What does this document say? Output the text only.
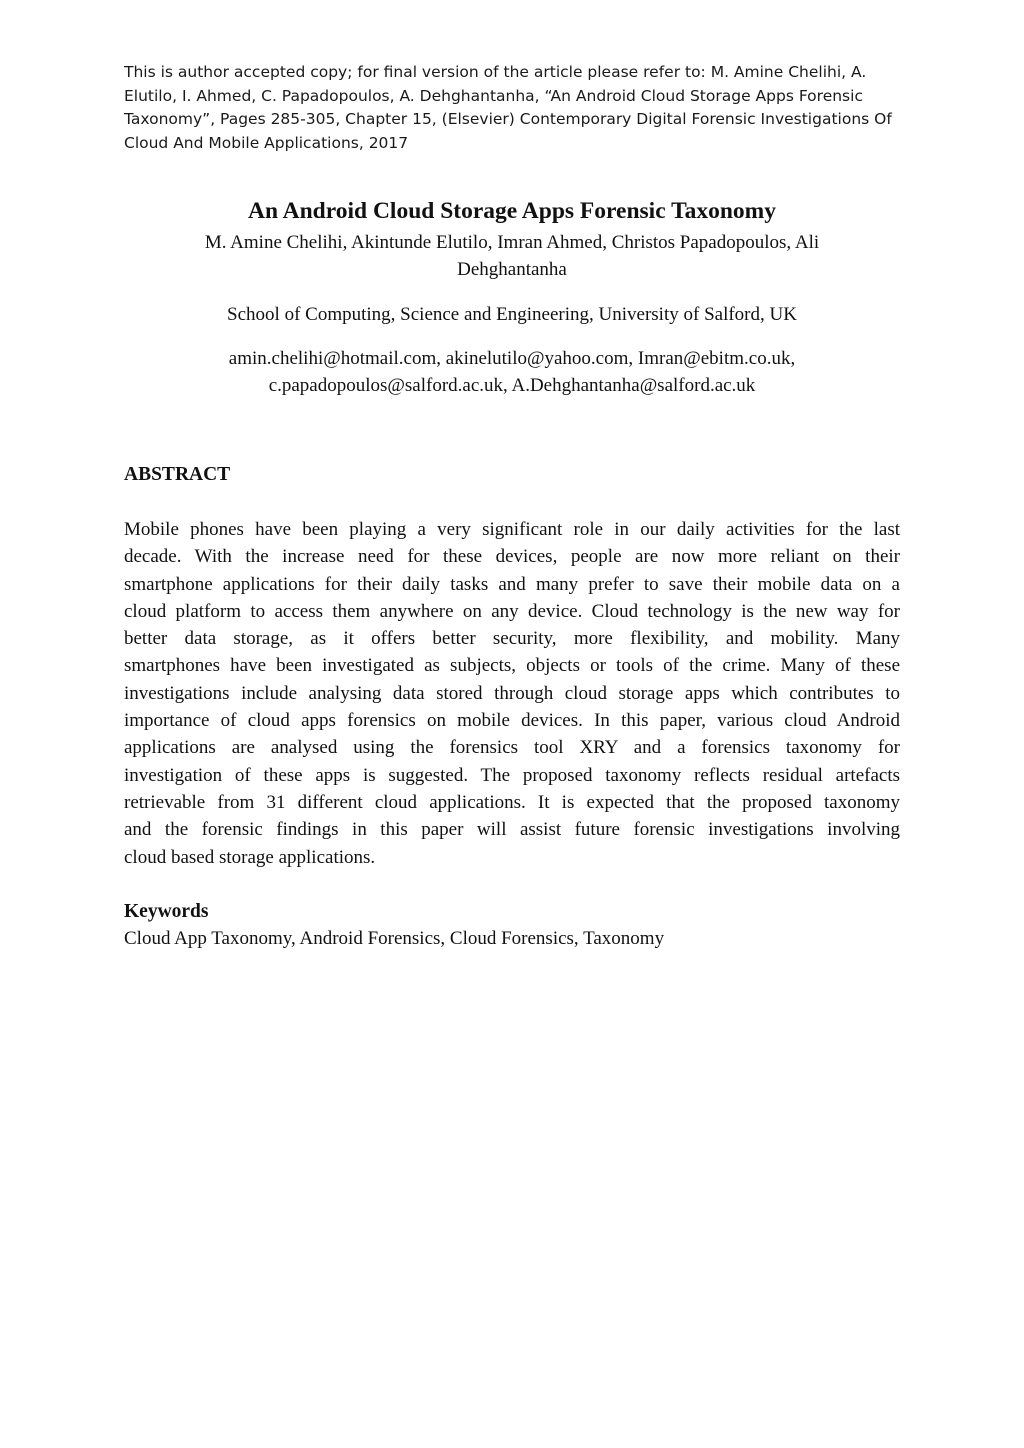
This is author accepted copy; for final version of the article please refer to: M. Amine Chelihi, A.
Elutilo, I. Ahmed, C. Papadopoulos, A. Dehghantanha, “An Android Cloud Storage Apps Forensic
Taxonomy”, Pages 285-305, Chapter 15, (Elsevier) Contemporary Digital Forensic Investigations Of
Cloud And Mobile Applications, 2017
An Android Cloud Storage Apps Forensic Taxonomy
M. Amine Chelihi, Akintunde Elutilo, Imran Ahmed, Christos Papadopoulos, Ali
Dehghantanha
School of Computing, Science and Engineering, University of Salford, UK
amin.chelihi@hotmail.com, akinelutilo@yahoo.com, Imran@ebitm.co.uk,
c.papadopoulos@salford.ac.uk, A.Dehghantanha@salford.ac.uk
ABSTRACT
Mobile phones have been playing a very significant role in our daily activities for the last
decade. With the increase need for these devices, people are now more reliant on their
smartphone applications for their daily tasks and many prefer to save their mobile data on a
cloud platform to access them anywhere on any device. Cloud technology is the new way for
better data storage, as it offers better security, more flexibility, and mobility. Many
smartphones have been investigated as subjects, objects or tools of the crime. Many of these
investigations include analysing data stored through cloud storage apps which contributes to
importance of cloud apps forensics on mobile devices. In this paper, various cloud Android
applications are analysed using the forensics tool XRY and a forensics taxonomy for
investigation of these apps is suggested. The proposed taxonomy reflects residual artefacts
retrievable from 31 different cloud applications. It is expected that the proposed taxonomy
and the forensic findings in this paper will assist future forensic investigations involving
cloud based storage applications.
Keywords
Cloud App Taxonomy, Android Forensics, Cloud Forensics, Taxonomy
